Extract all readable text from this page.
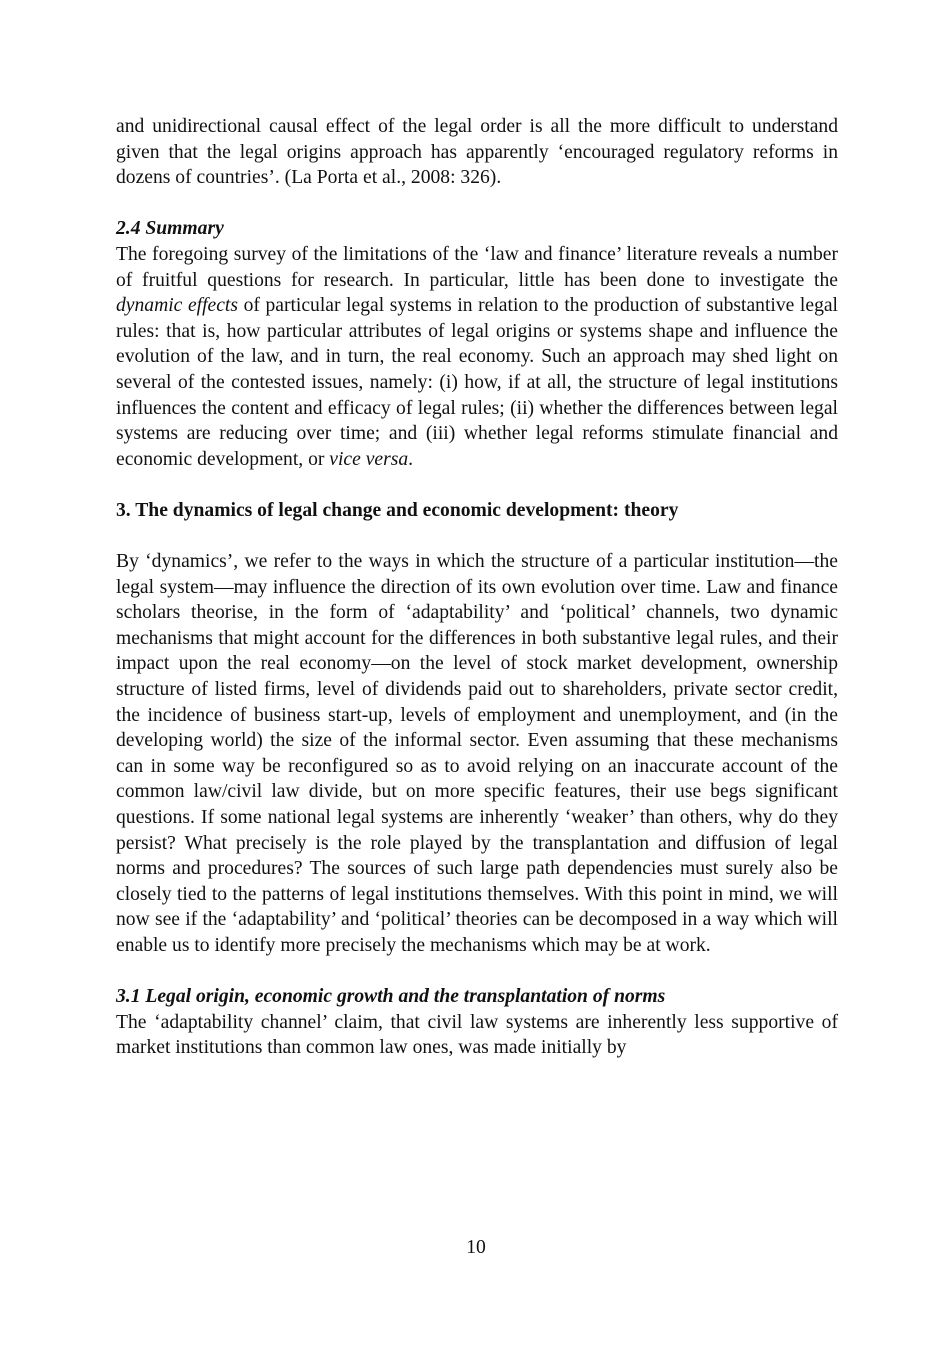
and unidirectional causal effect of the legal order is all the more difficult to understand given that the legal origins approach has apparently ‘encouraged regulatory reforms in dozens of countries’. (La Porta et al., 2008: 326).

2.4 Summary

The foregoing survey of the limitations of the ‘law and finance’ literature reveals a number of fruitful questions for research. In particular, little has been done to investigate the dynamic effects of particular legal systems in relation to the production of substantive legal rules: that is, how particular attributes of legal origins or systems shape and influence the evolution of the law, and in turn, the real economy. Such an approach may shed light on several of the contested issues, namely: (i) how, if at all, the structure of legal institutions influences the content and efficacy of legal rules; (ii) whether the differences between legal systems are reducing over time; and (iii) whether legal reforms stimulate financial and economic development, or vice versa.

3. The dynamics of legal change and economic development: theory

By ‘dynamics’, we refer to the ways in which the structure of a particular institution—the legal system—may influence the direction of its own evolution over time. Law and finance scholars theorise, in the form of ‘adaptability’ and ‘political’ channels, two dynamic mechanisms that might account for the differences in both substantive legal rules, and their impact upon the real economy—on the level of stock market development, ownership structure of listed firms, level of dividends paid out to shareholders, private sector credit, the incidence of business start-up, levels of employment and unemployment, and (in the developing world) the size of the informal sector. Even assuming that these mechanisms can in some way be reconfigured so as to avoid relying on an inaccurate account of the common law/civil law divide, but on more specific features, their use begs significant questions. If some national legal systems are inherently ‘weaker’ than others, why do they persist? What precisely is the role played by the transplantation and diffusion of legal norms and procedures? The sources of such large path dependencies must surely also be closely tied to the patterns of legal institutions themselves. With this point in mind, we will now see if the ‘adaptability’ and ‘political’ theories can be decomposed in a way which will enable us to identify more precisely the mechanisms which may be at work.

3.1 Legal origin, economic growth and the transplantation of norms

The ‘adaptability channel’ claim, that civil law systems are inherently less supportive of market institutions than common law ones, was made initially by

10
